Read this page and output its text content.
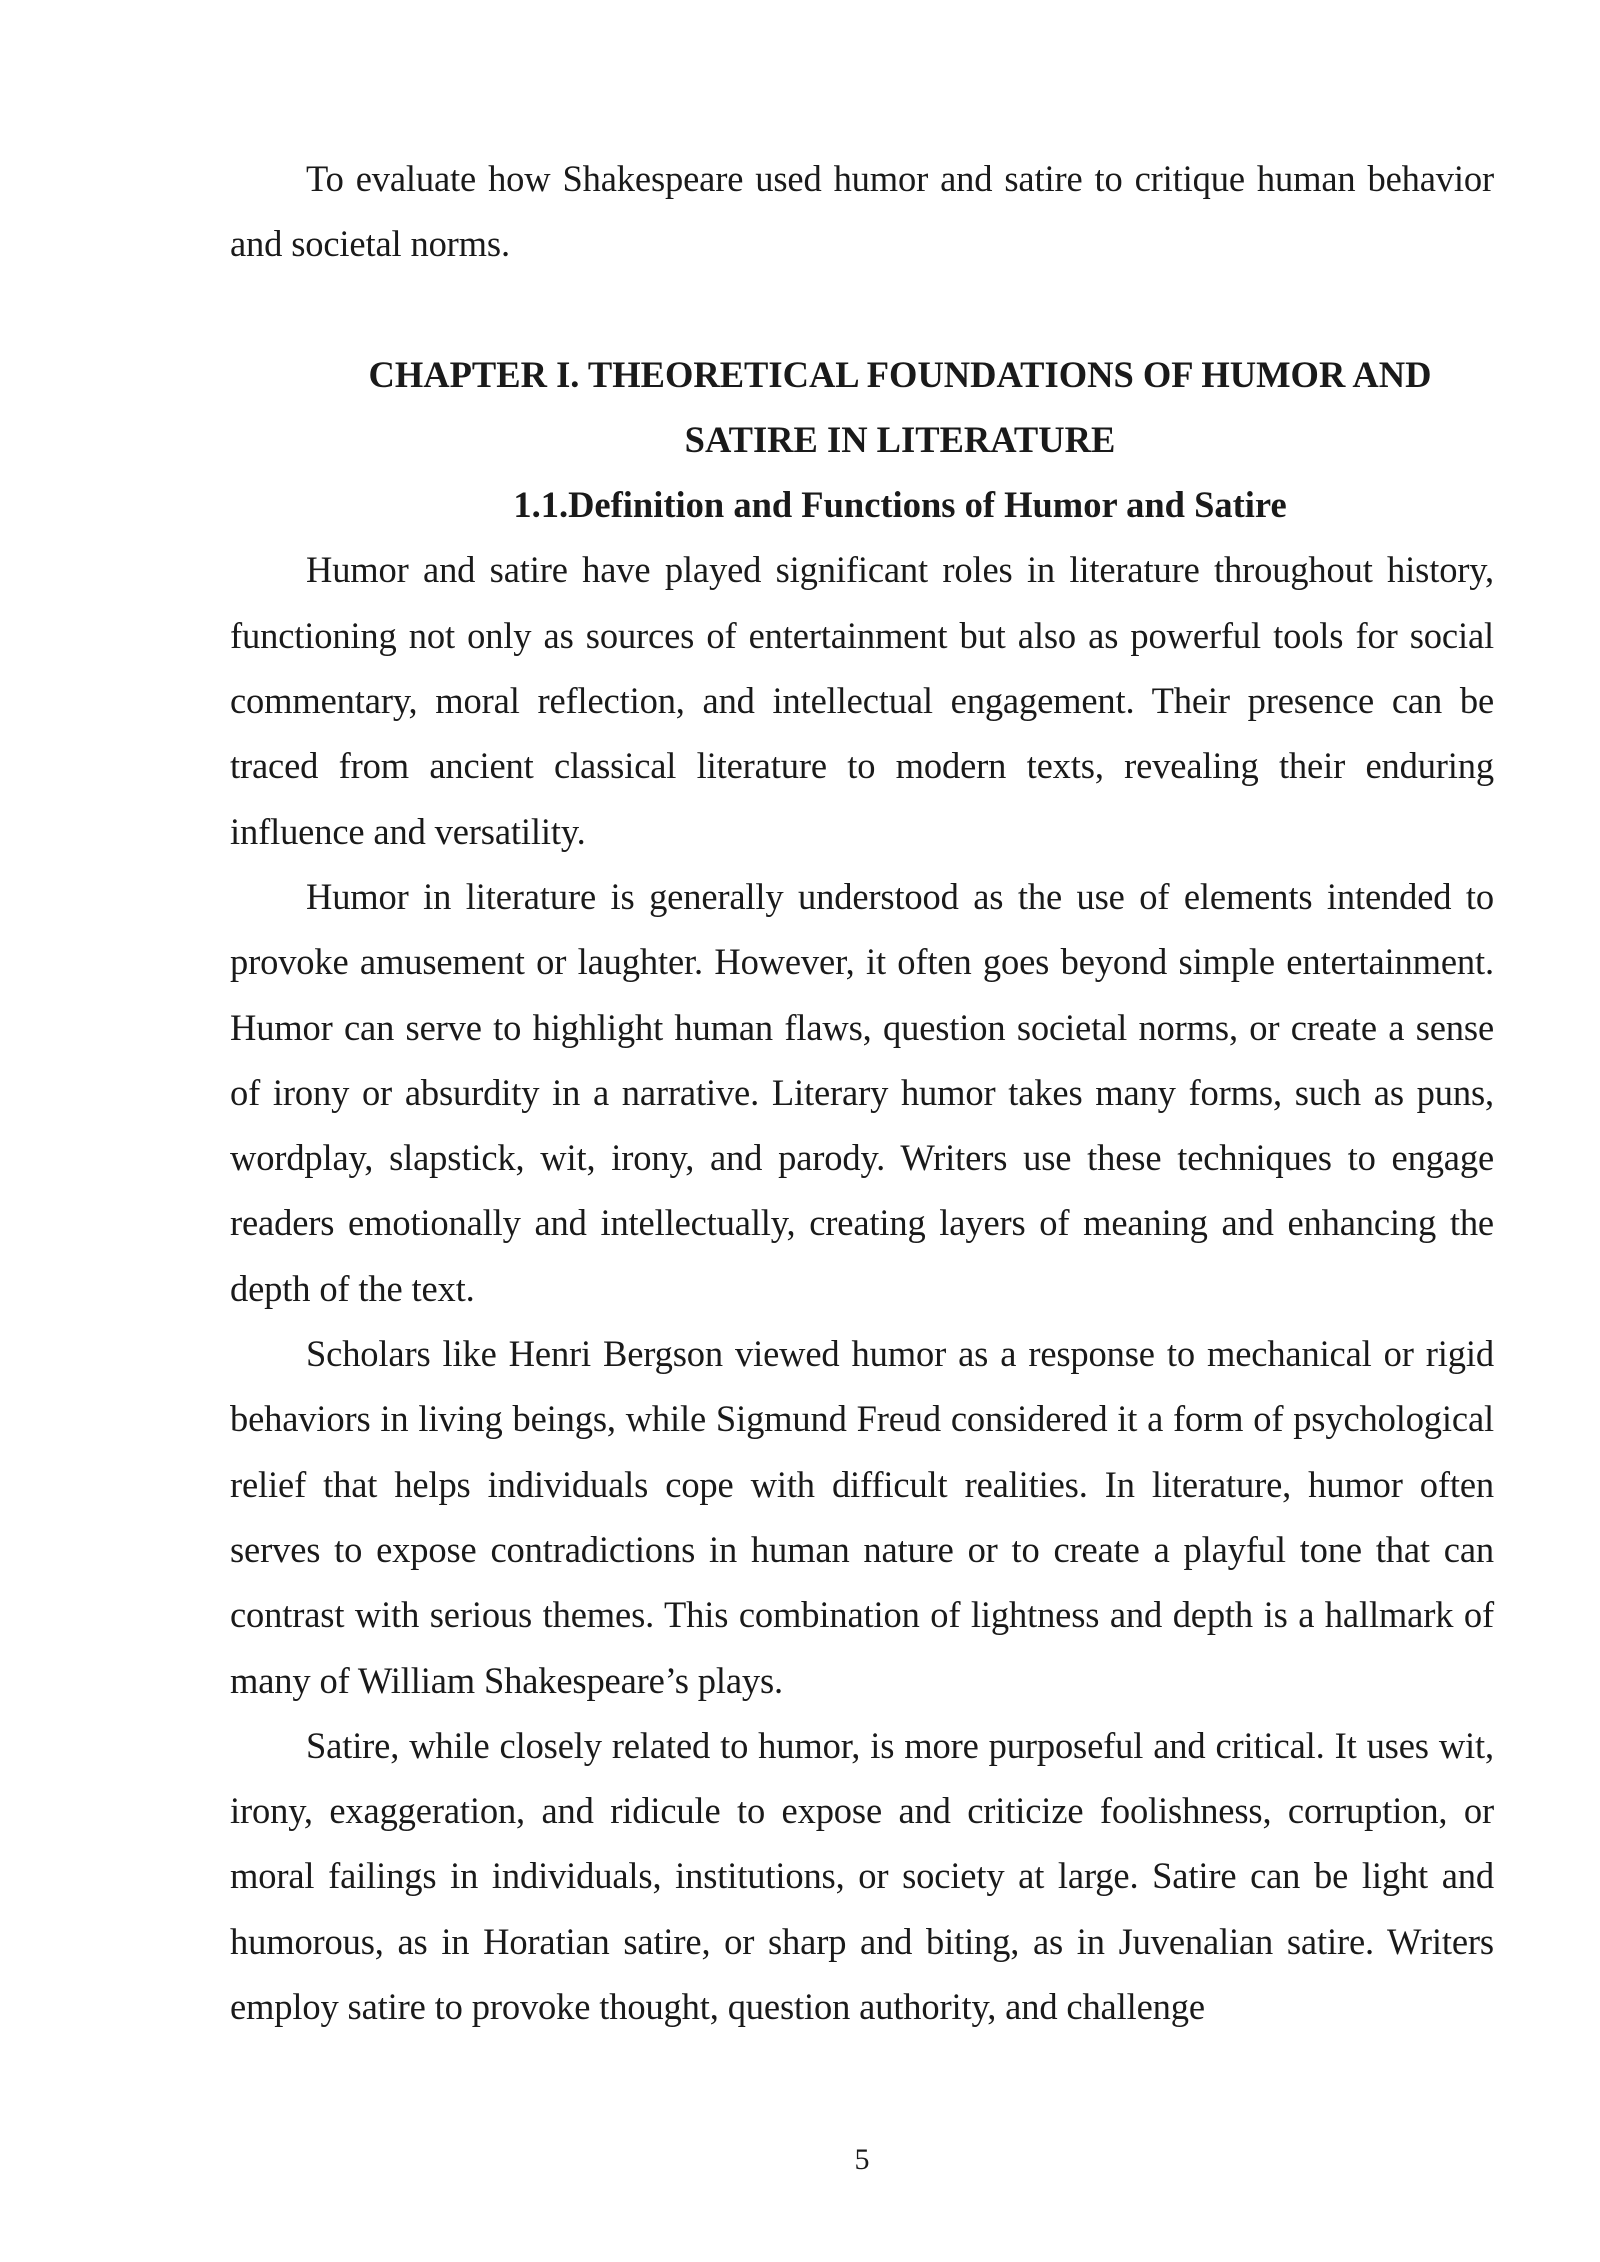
To evaluate how Shakespeare used humor and satire to critique human behavior and societal norms.

CHAPTER I. THEORETICAL FOUNDATIONS OF HUMOR AND
SATIRE IN LITERATURE
1.1.Definition and Functions of Humor and Satire

Humor and satire have played significant roles in literature throughout history, functioning not only as sources of entertainment but also as powerful tools for social commentary, moral reflection, and intellectual engagement. Their presence can be traced from ancient classical literature to modern texts, revealing their enduring influence and versatility.

Humor in literature is generally understood as the use of elements intended to provoke amusement or laughter. However, it often goes beyond simple entertainment. Humor can serve to highlight human flaws, question societal norms, or create a sense of irony or absurdity in a narrative. Literary humor takes many forms, such as puns, wordplay, slapstick, wit, irony, and parody. Writers use these techniques to engage readers emotionally and intellectually, creating layers of meaning and enhancing the depth of the text.

Scholars like Henri Bergson viewed humor as a response to mechanical or rigid behaviors in living beings, while Sigmund Freud considered it a form of psychological relief that helps individuals cope with difficult realities. In literature, humor often serves to expose contradictions in human nature or to create a playful tone that can contrast with serious themes. This combination of lightness and depth is a hallmark of many of William Shakespeare’s plays.

Satire, while closely related to humor, is more purposeful and critical. It uses wit, irony, exaggeration, and ridicule to expose and criticize foolishness, corruption, or moral failings in individuals, institutions, or society at large. Satire can be light and humorous, as in Horatian satire, or sharp and biting, as in Juvenalian satire. Writers employ satire to provoke thought, question authority, and challenge

5
